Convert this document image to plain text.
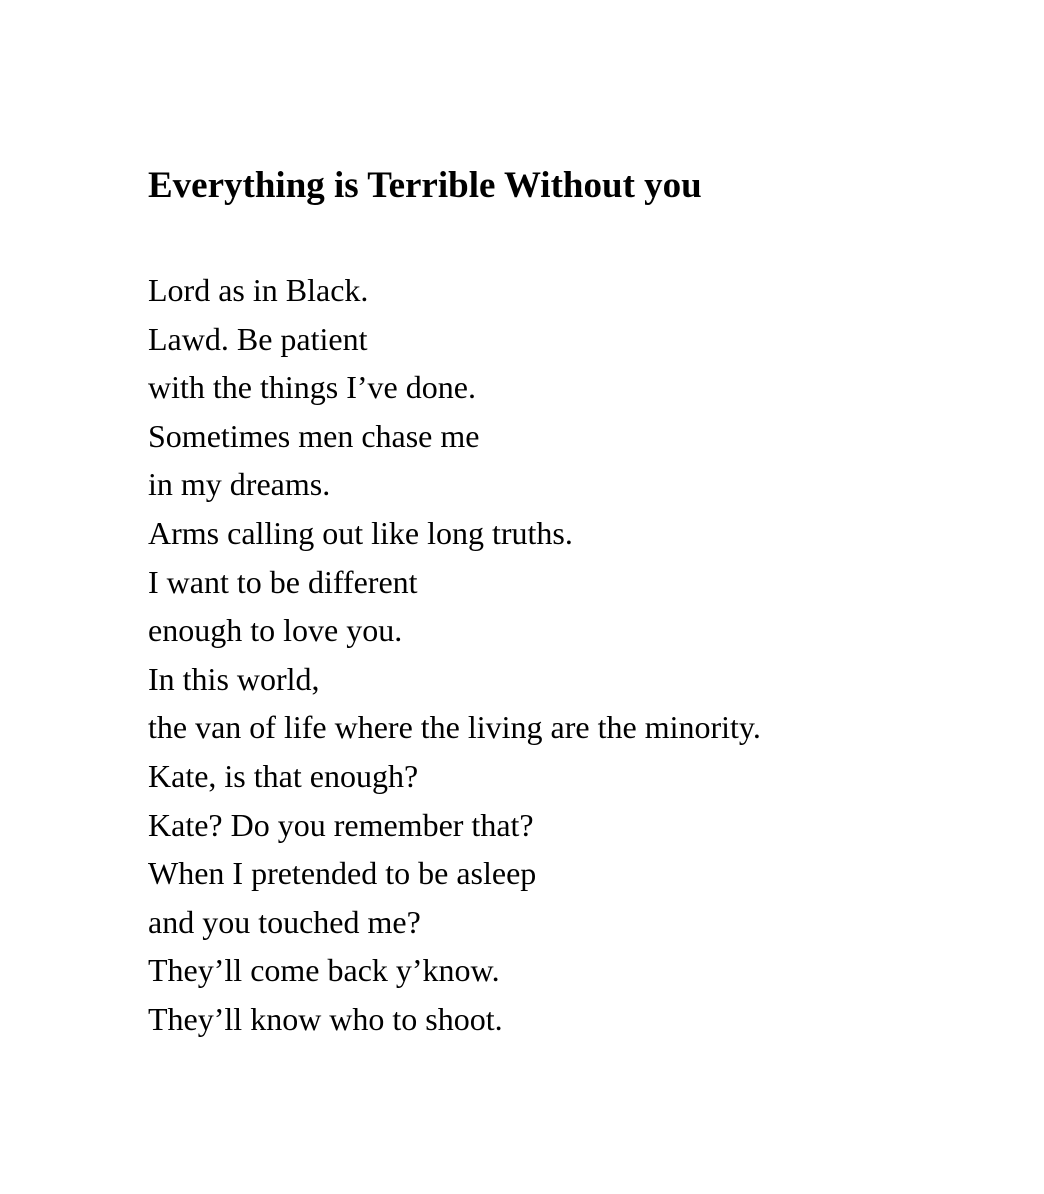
Everything is Terrible Without you
Lord as in Black.
Lawd. Be patient
with the things I’ve done.
Sometimes men chase me
in my dreams.
Arms calling out like long truths.
I want to be different
enough to love you.
In this world,
the van of life where the living are the minority.
Kate, is that enough?
Kate? Do you remember that?
When I pretended to be asleep
and you touched me?
They’ll come back y’know.
They’ll know who to shoot.
